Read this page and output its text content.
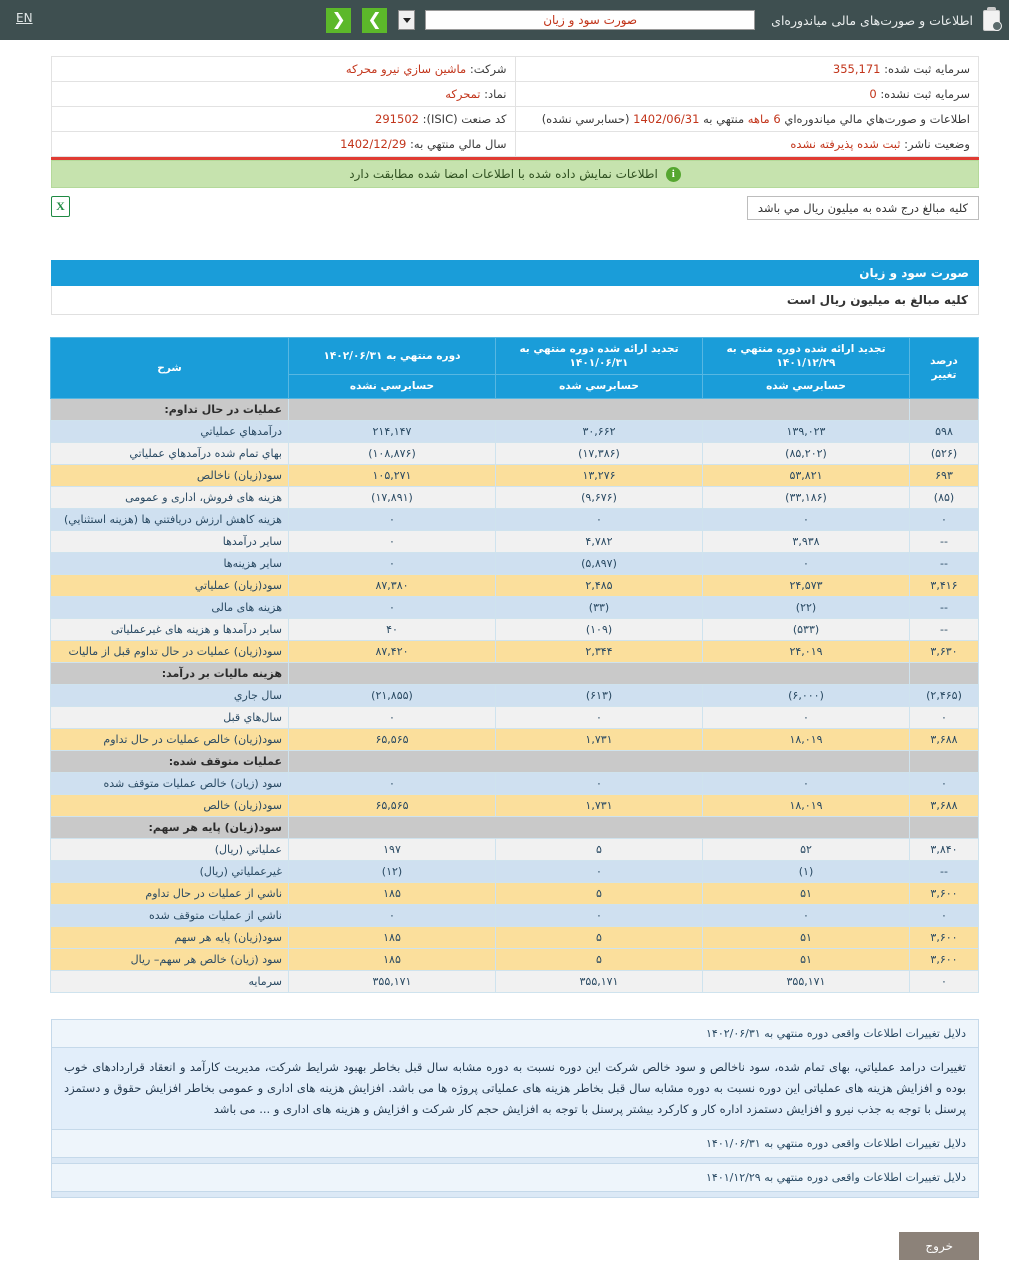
اطلاعات و صورت‌های مالی میاندوره‌ای
صورت سود و زیان
❯
❮
EN
سرمايه ثبت شده: 355,171	شرکت: ماشين سازي نيرو محرکه
سرمايه ثبت نشده: 0	نماد: تمحرکه
اطلاعات و صورت‌هاي مالي میاندوره‌اي 6 ماهه منتهي به 1402/06/31 (حسابرسي نشده)	کد صنعت (ISIC): 291502
وضعيت ناشر: ثبت شده پذيرفته نشده	سال مالي منتهي به: 1402/12/29
i
اطلاعات نمایش داده شده با اطلاعات امضا شده مطابقت دارد
کليه مبالغ درج شده به ميليون ريال مي باشد
X
صورت سود و زیان
کلیه مبالغ به میلیون ریال است
درصد
تغییر	تجدید ارائه شده دوره منتهي به ۱۴۰۱/۱۲/۲۹	تجدید ارائه شده دوره منتهي به ۱۴۰۱/۰۶/۳۱	دوره منتهي به ۱۴۰۲/۰۶/۳۱	شرح
	حسابرسي شده	حسابرسي شده	حسابرسي نشده	
				عملیات در حال تداوم:
۵۹۸	۱۳۹,۰۲۳	۳۰,۶۶۲	۲۱۴,۱۴۷	درآمدهاي عملیاتي
(۵۲۶)	(۸۵,۲۰۲)	(۱۷,۳۸۶)	(۱۰۸,۸۷۶)	بهاي تمام شده درآمدهاي عملیاتي
۶۹۳	۵۳,۸۲۱	۱۳,۲۷۶	۱۰۵,۲۷۱	سود(زیان) ناخالص
(۸۵)	(۳۳,۱۸۶)	(۹,۶۷۶)	(۱۷,۸۹۱)	هزینه های فروش، اداری و عمومی
۰	۰	۰	۰	هزینه کاهش ارزش دریافتني ها (هزینه استثنایي)
--	۳,۹۳۸	۴,۷۸۲	۰	سایر درآمدها
--	۰	(۵,۸۹۷)	۰	سایر هزینه‌ها
۳,۴۱۶	۲۴,۵۷۳	۲,۴۸۵	۸۷,۳۸۰	سود(زیان) عملیاتي
--	(۲۲)	(۳۳)	۰	هزینه های مالی
--	(۵۳۳)	(۱۰۹)	۴۰	سایر درآمدها و هزینه های غیرعملیاتی
۳,۶۳۰	۲۴,۰۱۹	۲,۳۴۴	۸۷,۴۲۰	سود(زیان) عملیات در حال تداوم قبل از مالیات
				هزینه مالیات بر درآمد:
(۲,۴۶۵)	(۶,۰۰۰)	(۶۱۳)	(۲۱,۸۵۵)	سال جاري
۰	۰	۰	۰	سال‌هاي قبل
۳,۶۸۸	۱۸,۰۱۹	۱,۷۳۱	۶۵,۵۶۵	سود(زیان) خالص عملیات در حال تداوم
				عملیات متوقف شده:
۰	۰	۰	۰	سود (زیان) خالص عملیات متوقف شده
۳,۶۸۸	۱۸,۰۱۹	۱,۷۳۱	۶۵,۵۶۵	سود(زیان) خالص
				سود(زیان) پایه هر سهم:
۳,۸۴۰	۵۲	۵	۱۹۷	عملیاتي (ریال)
--	(۱)	۰	(۱۲)	غیرعملیاتي (ریال)
۳,۶۰۰	۵۱	۵	۱۸۵	ناشي از عملیات در حال تداوم
۰	۰	۰	۰	ناشي از عملیات متوقف شده
۳,۶۰۰	۵۱	۵	۱۸۵	سود(زیان) پایه هر سهم
۳,۶۰۰	۵۱	۵	۱۸۵	سود (زیان) خالص هر سهم– ریال
۰	۳۵۵,۱۷۱	۳۵۵,۱۷۱	۳۵۵,۱۷۱	سرمایه
دلایل تغییرات اطلاعات واقعی دوره منتهي به ۱۴۰۲/۰۶/۳۱
تغییرات درامد عملیاتي، بهای تمام شده، سود ناخالص و سود خالص شرکت این دوره نسبت به دوره مشابه سال قبل بخاطر بهبود شرایط شرکت، مدیریت کارآمد و انعقاد قراردادهای خوب بوده و افزایش هزینه های عملیاتی این دوره نسبت به دوره مشابه سال قبل بخاطر هزینه های عملیاتی پروژه ها می باشد. افزایش هزینه های اداری و عمومی بخاطر افزایش حقوق و دستمزد پرسنل با توجه به جذب نیرو و افزایش دستمزد اداره کار و کارکرد بیشتر پرسنل با توجه به افزایش حجم کار شرکت و افزایش و هزینه های اداری و ... می باشد
دلایل تغییرات اطلاعات واقعی دوره منتهي به ۱۴۰۱/۰۶/۳۱
دلایل تغییرات اطلاعات واقعی دوره منتهي به ۱۴۰۱/۱۲/۲۹
خروج
